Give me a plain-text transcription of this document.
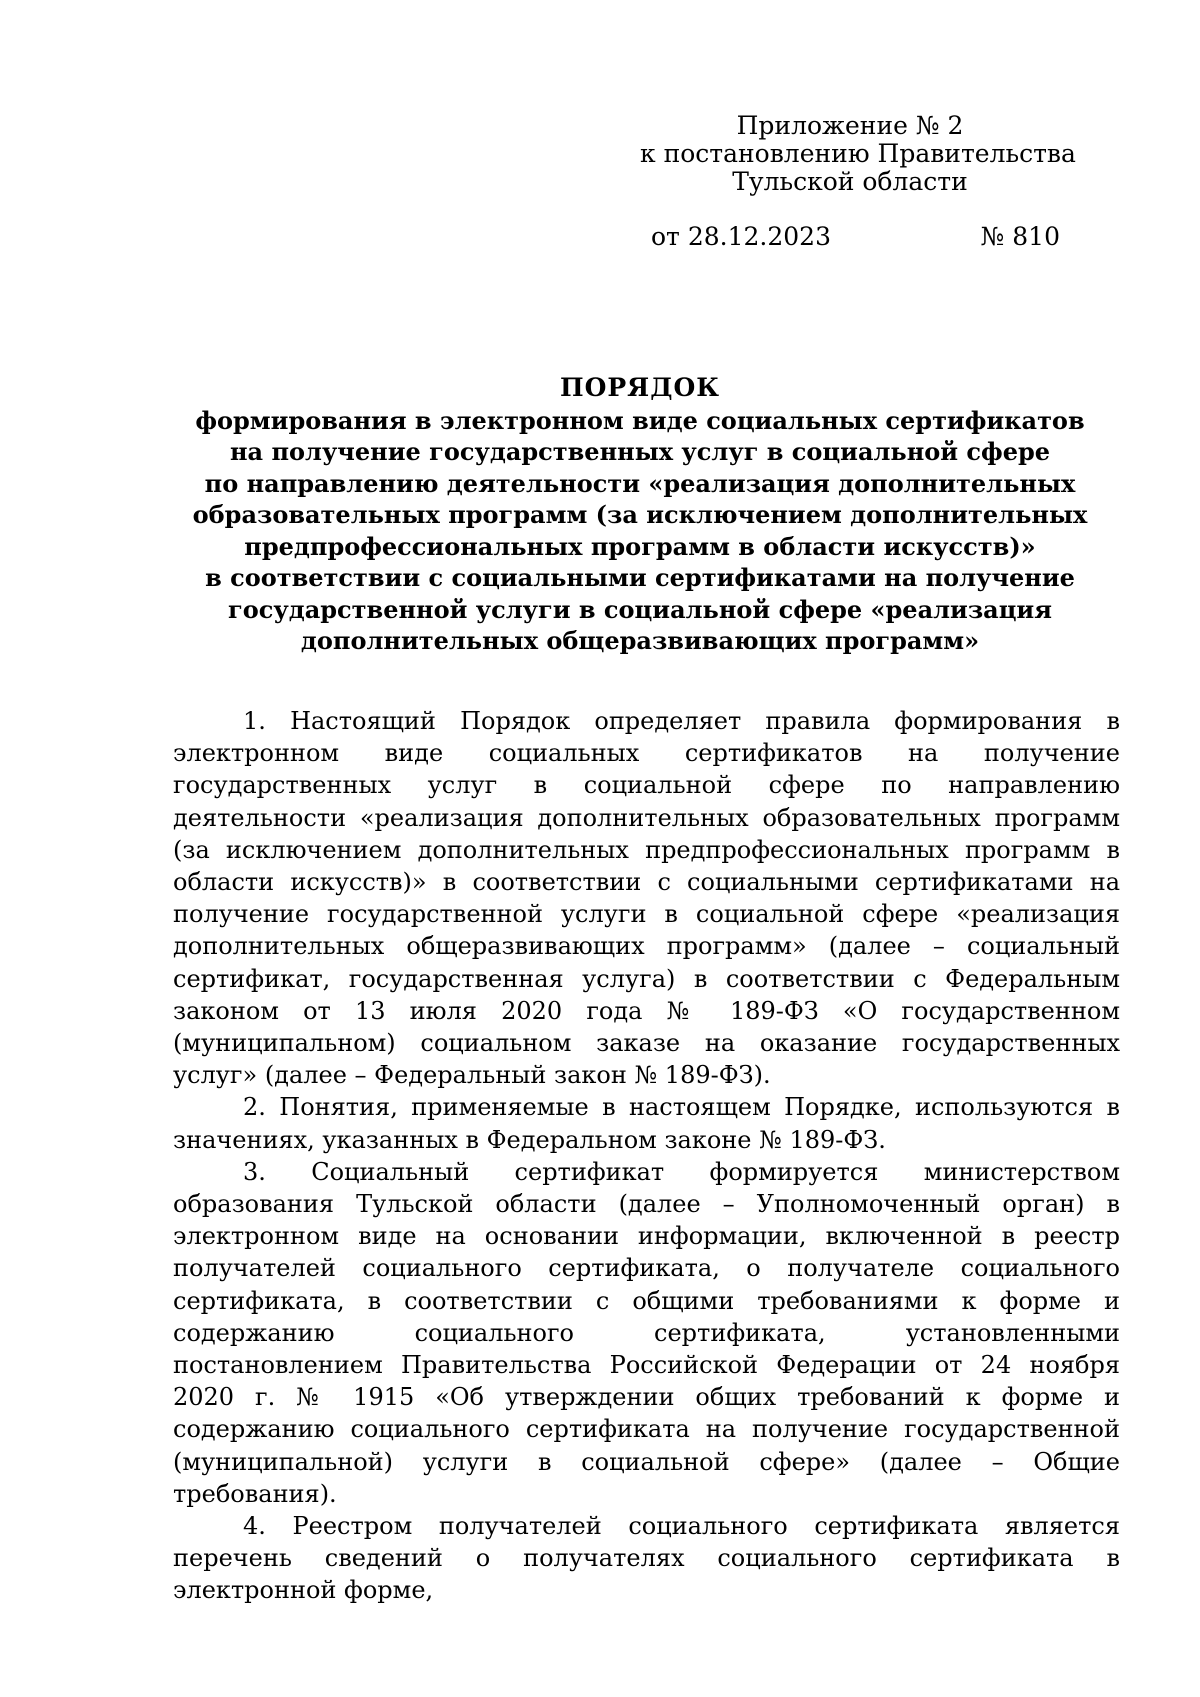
Приложение № 2
к постановлению Правительства
Тульской области
от 28.12.2023	№ 810
ПОРЯДОК
формирования в электронном виде социальных сертификатов
на получение государственных услуг в социальной сфере
по направлению деятельности «реализация дополнительных
образовательных программ (за исключением дополнительных
предпрофессиональных программ в области искусств)»
в соответствии с социальными сертификатами на получение
государственной услуги в социальной сфере «реализация
дополнительных общеразвивающих программ»

1. Настоящий Порядок определяет правила формирования в электронном виде социальных сертификатов на получение государственных услуг в социальной сфере по направлению деятельности «реализация дополнительных образовательных программ (за исключением дополнительных предпрофессиональных программ в области искусств)» в соответствии с социальными сертификатами на получение государственной услуги в социальной сфере «реализация дополнительных общеразвивающих программ» (далее – социальный сертификат, государственная услуга) в соответствии с Федеральным законом от 13 июля 2020 года № 189-ФЗ «О государственном (муниципальном) социальном заказе на оказание государственных услуг» (далее – Федеральный закон № 189-ФЗ).

2. Понятия, применяемые в настоящем Порядке, используются в значениях, указанных в Федеральном законе № 189-ФЗ.

3. Социальный сертификат формируется министерством образования Тульской области (далее – Уполномоченный орган) в электронном виде на основании информации, включенной в реестр получателей социального сертификата, о получателе социального сертификата, в соответствии с общими требованиями к форме и содержанию социального сертификата, установленными постановлением Правительства Российской Федерации от 24 ноября 2020 г. № 1915 «Об утверждении общих требований к форме и содержанию социального сертификата на получение государственной (муниципальной) услуги в социальной сфере» (далее – Общие требования).

4. Реестром получателей социального сертификата является перечень сведений о получателях социального сертификата в электронной форме,
